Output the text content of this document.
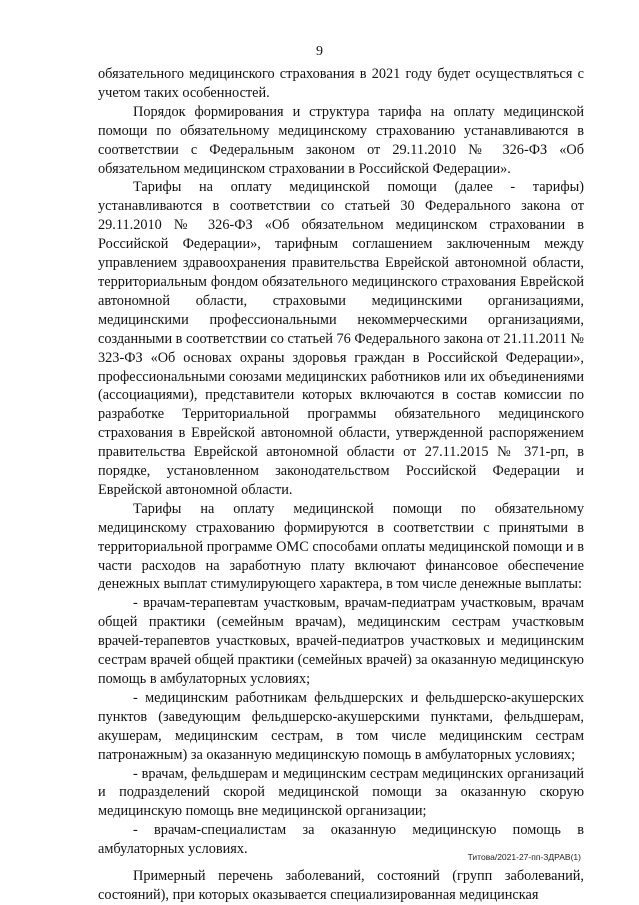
9

обязательного медицинского страхования в 2021 году будет осуществляться с учетом таких особенностей.

Порядок формирования и структура тарифа на оплату медицинской помощи по обязательному медицинскому страхованию устанавливаются в соответствии с Федеральным законом от 29.11.2010 № 326-ФЗ «Об обязательном медицинском страховании в Российской Федерации».

Тарифы на оплату медицинской помощи (далее - тарифы) устанавливаются в соответствии со статьей 30 Федерального закона от 29.11.2010 № 326-ФЗ «Об обязательном медицинском страховании в Российской Федерации», тарифным соглашением заключенным между управлением здравоохранения правительства Еврейской автономной области, территориальным фондом обязательного медицинского страхования Еврейской автономной области, страховыми медицинскими организациями, медицинскими профессиональными некоммерческими организациями, созданными в соответствии со статьей 76 Федерального закона от 21.11.2011 № 323-ФЗ «Об основах охраны здоровья граждан в Российской Федерации», профессиональными союзами медицинских работников или их объединениями (ассоциациями), представители которых включаются в состав комиссии по разработке Территориальной программы обязательного медицинского страхования в Еврейской автономной области, утвержденной распоряжением правительства Еврейской автономной области от 27.11.2015 № 371-рп, в порядке, установленном законодательством Российской Федерации и Еврейской автономной области.

Тарифы на оплату медицинской помощи по обязательному медицинскому страхованию формируются в соответствии с принятыми в территориальной программе ОМС способами оплаты медицинской помощи и в части расходов на заработную плату включают финансовое обеспечение денежных выплат стимулирующего характера, в том числе денежные выплаты:

- врачам-терапевтам участковым, врачам-педиатрам участковым, врачам общей практики (семейным врачам), медицинским сестрам участковым врачей-терапевтов участковых, врачей-педиатров участковых и медицинским сестрам врачей общей практики (семейных врачей) за оказанную медицинскую помощь в амбулаторных условиях;

- медицинским работникам фельдшерских и фельдшерско-акушерских пунктов (заведующим фельдшерско-акушерскими пунктами, фельдшерам, акушерам, медицинским сестрам, в том числе медицинским сестрам патронажным) за оказанную медицинскую помощь в амбулаторных условиях;

- врачам, фельдшерам и медицинским сестрам медицинских организаций и подразделений скорой медицинской помощи за оказанную скорую медицинскую помощь вне медицинской организации;

- врачам-специалистам за оказанную медицинскую помощь в амбулаторных условиях.

Примерный перечень заболеваний, состояний (групп заболеваний, состояний), при которых оказывается специализированная медицинская

Титова/2021-27-пп-ЗДРАВ(1)
